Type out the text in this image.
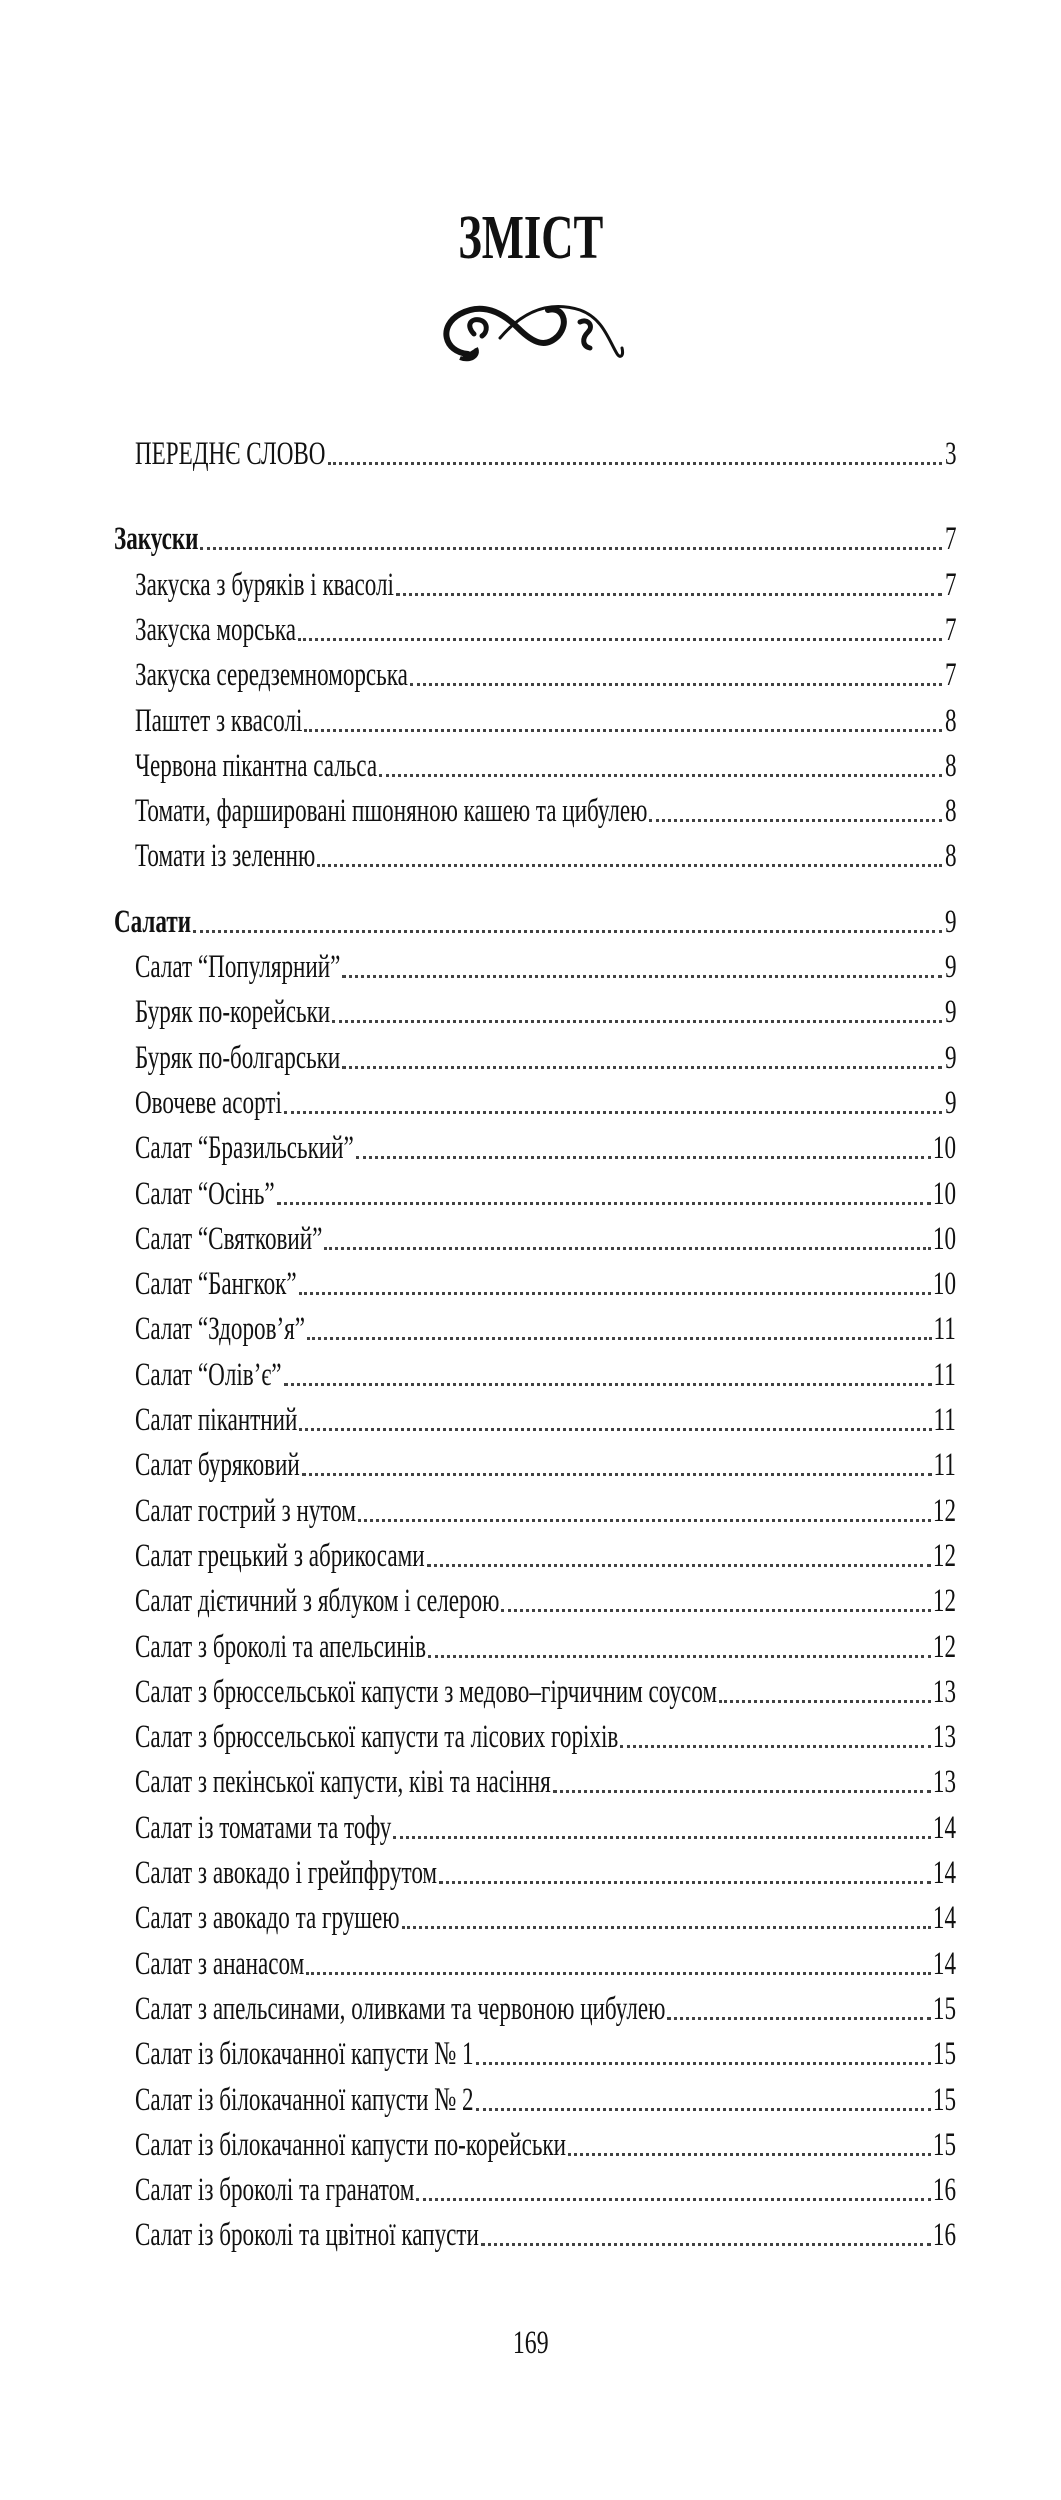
ЗМІСТ
ПЕРЕДНЄ СЛОВО	3
Закуски	7
Закуска з буряків і квасолі	7
Закуска морська	7
Закуска середземноморська	7
Паштет з квасолі	8
Червона пікантна сальса	8
Томати, фаршировані пшоняною кашею та цибулею	8
Томати із зеленню	8
Салати	9
Салат “Популярний”	9
Буряк по-корейськи	9
Буряк по-болгарськи	9
Овочеве асорті	9
Салат “Бразильський”	10
Салат “Осінь”	10
Салат “Святковий”	10
Салат “Бангкок”	10
Салат “Здоров’я”	11
Салат “Олів’є”	11
Салат пікантний	11
Салат буряковий	11
Салат гострий з нутом	12
Салат грецький з абрикосами	12
Салат дієтичний з яблуком і селерою	12
Салат з броколі та апельсинів	12
Салат з брюссельської капусти з медово–гірчичним соусом	13
Салат з брюссельської капусти та лісових горіхів	13
Салат з пекінської капусти, ківі та насіння	13
Салат із томатами та тофу	14
Салат з авокадо і грейпфрутом	14
Салат з авокадо та грушею	14
Салат з ананасом	14
Салат з апельсинами, оливками та червоною цибулею	15
Салат із білокачанної капусти № 1	15
Салат із білокачанної капусти № 2	15
Салат із білокачанної капусти по-корейськи	15
Салат із броколі та гранатом	16
Салат із броколі та цвітної капусти	16
169
